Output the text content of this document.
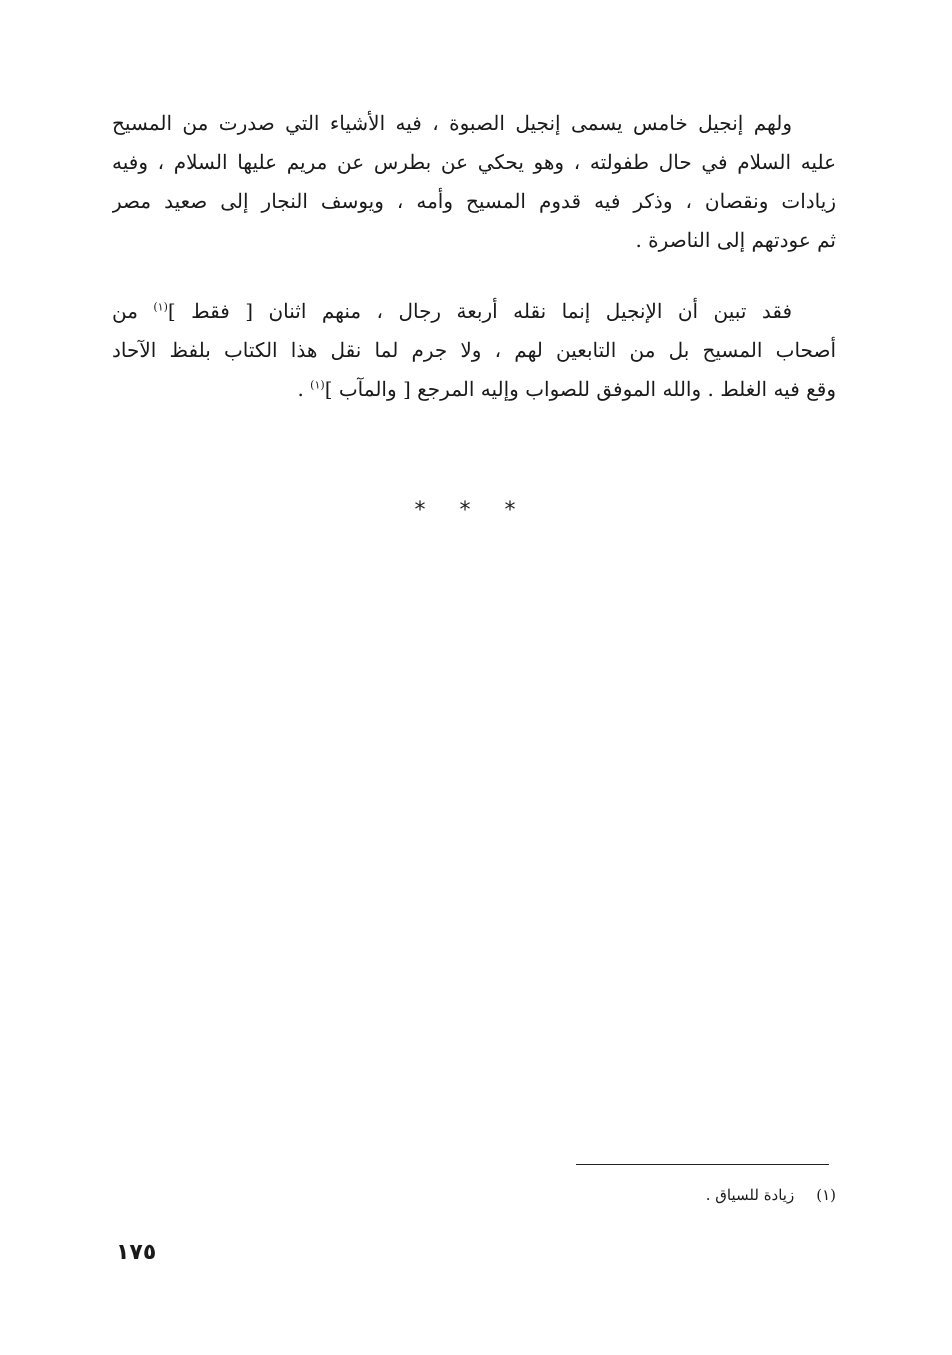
ولهم إنجيل خامس يسمى إنجيل الصبوة ، فيه الأشياء التي صدرت من المسيح
عليه السلام في حال طفولته ، وهو يحكي عن بطرس عن مريم عليها السلام ، وفيه
زيادات ونقصان ، وذكر فيه قدوم المسيح وأمه ، ويوسف النجار إلى صعيد مصر
ثم عودتهم إلى الناصرة .
فقد تبين أن الإنجيل إنما نقله أربعة رجال ، منهم اثنان [ فقط ]$^{(١)}$ من
أصحاب المسيح بل من التابعين لهم ، ولا جرم لما نقل هذا الكتاب بلفظ الآحاد
وقع فيه الغلط . والله الموفق للصواب وإليه المرجع [ والمآب ]$^{(١)}$ .
* * *
(١)زيادة للسياق .
١٧٥
